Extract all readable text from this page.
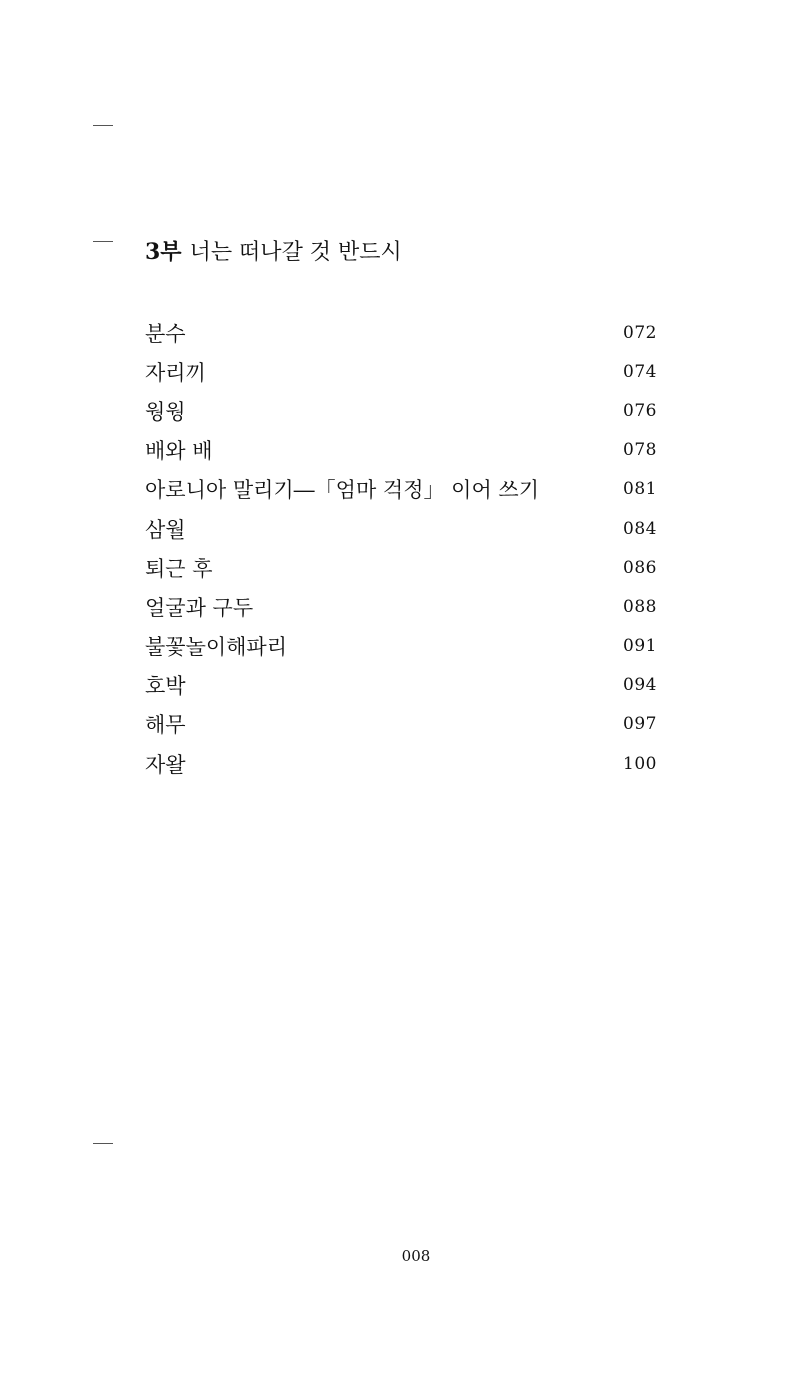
3부 너는 떠나갈 것 반드시
분수	072
자리끼	074
웡웡	076
배와 배	078
아로니아 말리기―「엄마 걱정」 이어 쓰기	081
삼월	084
퇴근 후	086
얼굴과 구두	088
불꽃놀이해파리	091
호박	094
해무	097
자왈	100
008
